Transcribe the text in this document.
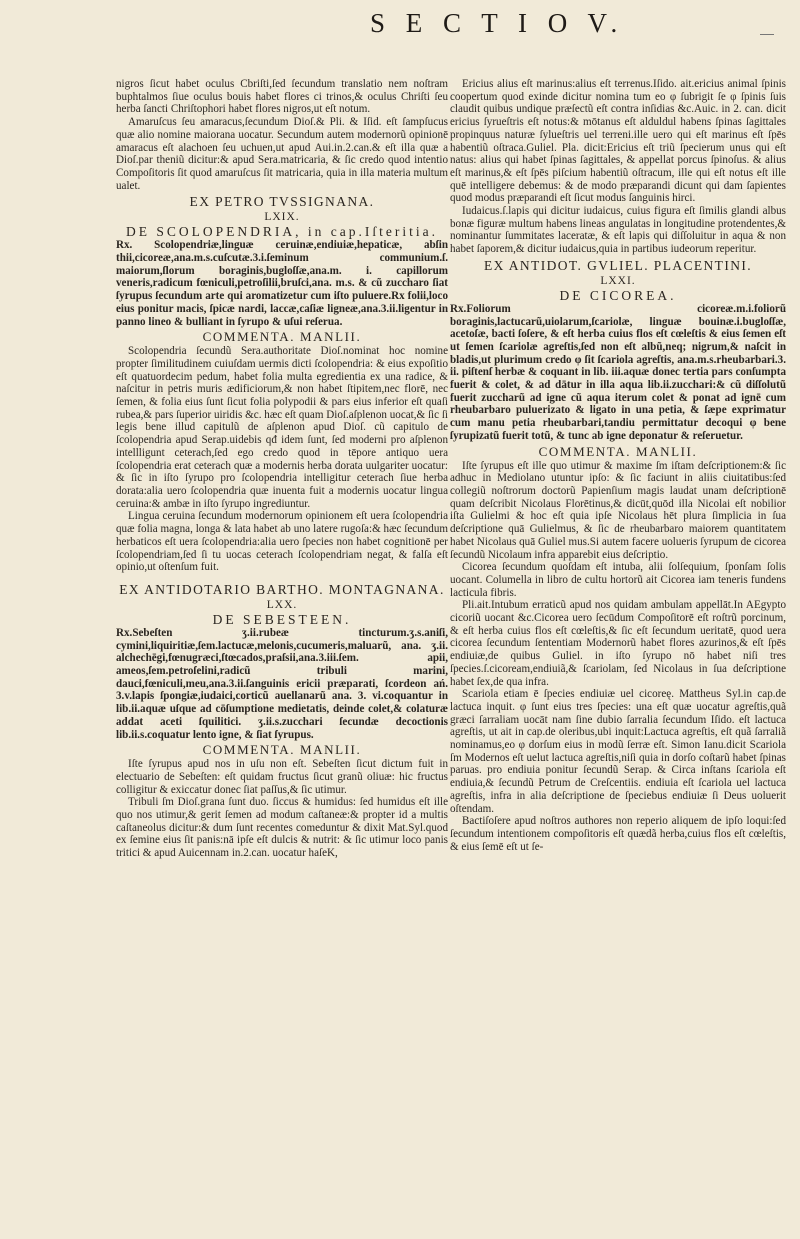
S E C T I O V.

nigros ſicut habet oculus Cbriſti,ſed ſecundum translatio nem noſtram buphtalmos ſiue oculus bouis habet flores ci trinos,& oculus Chriſti ſeu herba ſancti Chriſtophori habet flores nigros,ut eſt notum.

Amaruſcus ſeu amaracus,ſecundum Dioſ.& Pli. & Iſid. eſt ſampſucus quæ alio nomine maiorana uocatur. Secundum autem modernorũ opinionē amaracus eſt alachoen ſeu uchuen,ut apud Aui.in.2.can.& eſt illa quæ a Dioſ.par theniũ dicitur:& apud Sera.matricaria, & ſic credo quod intentio Compoſitoris ſit quod amaruſcus ſit matricaria, quia in illa materia multum ualet.

EX PETRO TVSSIGNANA.
LXIX.
DE SCOLOPENDRIA, in cap.Iſteritia.

Rx. Scolopendriæ,linguæ ceruinæ,endiuiæ,hepaticæ, abſin thii,cicoreæ,ana.m.s.cuſcutæ.3.i.ſeminum communium.ſ. maiorum,ſlorum boraginis,bugloſſæ,ana.m. i. capillorum veneris,radicum fœniculi,petroſilii,bruſci,ana. m.s. & cũ zuccharo ſiat ſyrupus ſecundum arte qui aromatizetur cum iſto puluere.Rx folii,loco eius ponitur macis, ſpicæ nardi, laccæ,caſiæ ligneæ,ana.3.ii.ligentur in panno lineo & bulliant in ſyrupo & uſui reſerua.

COMMENTA. MANLII.

Scolopendria ſecundũ Sera.authoritate Dioſ.nominat hoc nomine propter ſimilitudinem cuiuſdam uermis dicti ſcolopendria: & eius expoſitio eſt quatuordecim pedum, habet folia multa egredientia ex una radice, & naſcitur in petris muris ædificiorum,& non habet ſtipitem,nec florē, nec ſemen, & folia eius ſunt ſicut folia polypodii & pars eius inferior eſt quaſi rubea,& pars ſuperior uiridis &c. hæc eſt quam Dioſ.aſplenon uocat,& ſic ſi legis bene illud capitulũ de aſplenon apud Dioſ. cũ capitulo de ſcolopendria apud Serap.uidebis qđ idem ſunt, ſed moderni pro aſplenon intellligunt ceterach,ſed ego credo quod in tēpore antiquo uera ſcolopendria erat ceterach quæ a modernis herba dorata uulgariter uocatur: & ſic in iſto ſyrupo pro ſcolopendria intelligitur ceterach ſiue herba dorata:alia uero ſcolopendria quæ inuenta fuit a modernis uocatur lingua ceruina:& ambæ in iſto ſyrupo ingrediuntur.

Lingua ceruina ſecundum modernorum opinionem eſt uera ſcolopendria quæ folia magna, longa & lata habet ab uno latere rugoſa:& hæc ſecundum herbaticos eſt uera ſcolopendria:alia uero ſpecies non habet cognitionē per ſcolopendriam,ſed ſi tu uocas ceterach ſcolopendriam negat, & falſa eſt opinio,ut oſtenſum fuit.

EX ANTIDOTARIO BARTHO. MONTAGNANA.
LXX.
DE SEBESTEEN.

Rx.Sebeſten ʒ.ii.rubeæ tincturum.ʒ.s.aniſi, cymini,liquiritiæ,ſem.lactucæ,melonis,cucumeris,maluarũ, ana. ʒ.ii. alchechēgi,fœnugræci,ſtœcados,praſsii,ana.3.iii.ſem. apii, ameos,ſem.petroſelini,radicũ tribuli marini, dauci,fœniculi,meu,ana.3.ii.ſanguinis ericii præparati, ſcordeon ań. 3.v.lapis ſpongiæ,iudaici,corticũ auellanarũ ana. 3. vi.coquantur in lib.ii.aquæ uſque ad cōſumptione medietatis, deinde colet,& colaturæ addat aceti ſquilitici. ʒ.ii.s.zucchari ſecundæ decoctionis lib.ii.s.coquatur lento igne, & ſiat ſyrupus.

COMMENTA. MANLII.

Iſte ſyrupus apud nos in uſu non eſt. Sebeſten ſicut dictum fuit in electuario de Sebeſten: eſt quidam fructus ſicut granũ oliuæ: hic fructus colligitur & exiccatur donec ſiat paſſus,& ſic utimur.

Tribuli ſm Dioſ.grana ſunt duo. ſiccus & humidus: ſed humidus eſt ille quo nos utimur,& gerit ſemen ad modum caſtaneæ:& propter id a multis caſtaneolus dicitur:& dum ſunt recentes comeduntur & dixit Mat.Syl.quod ex ſemine eius ſit panis:nā ipſe eſt dulcis & nutrit: & ſic utimur loco panis tritici & apud Auicennam in.2.can. uocatur haſeK,

Ericius alius eſt marinus:alius eſt terrenus.Iſido. ait.ericius animal ſpinis coopertum quod exinde dicitur nomina tum eo φ ſubrigit ſe φ ſpinis ſuis claudit quibus undique præſectũ eſt contra inſidias &c.Auic. in 2. can. dicit ericius ſyrueſtris eſt notus:& mōtanus eſt alduldul habens ſpinas ſagittales propinquus naturæ ſylueſtris uel terreni.ille uero qui eſt marinus eſt ſpēs habentiũ oſtraca.Guliel. Pla. dicit:Ericius eſt triũ ſpecierum unus qui eſt natus: alius qui habet ſpinas ſagittales, & appellat porcus ſpinoſus. & alius eſt marinus,& eſt ſpēs piſcium habentiũ oſtracum, ille qui eſt notus eſt ille quē intelligere debemus: & de modo præparandi dicunt qui dam ſapientes quod modus præparandi eſt ſicut modus ſanguinis hirci.

Iudaicus.ſ.lapis qui dicitur iudaicus, cuius figura eſt ſimilis glandi albus bonæ figuræ multum habens lineas angulatas in longitudine protendentes,& nominantur ſummitates laceratæ, & eſt lapis qui diſſoluitur in aqua & non habet ſaporem,& dicitur iudaicus,quia in partibus iudeorum reperitur.

EX ANTIDOT. GVLIEL. PLACENTINI.
LXXI.
DE CICOREA.

Rx.Foliorum cicoreæ.m.i.foliorũ boraginis,lactucarũ,uiolarum,ſcariolæ, linguæ bouinæ.i.bugloſſæ, acetoſæ, bacti ſoſere, & eſt herba cuius flos eſt cœleſtis & eius ſemen eſt ut ſemen ſcariolæ agreſtis,ſed non eſt albũ,neq; nigrum,& naſcit in bladis,ut plurimum credo φ ſit ſcariola agreſtis, ana.m.s.rheubarbari.3. ii. piſtenſ herbæ & coquant in lib. iii.aquæ donec tertia pars conſumpta fuerit & colet, & ad dātur in illa aqua lib.ii.zucchari:& cũ diſſolutũ fuerit zuccharũ ad igne cũ aqua iterum colet & ponat ad ignē cum rheubarbaro puluerizato & ligato in una petia, & ſæpe exprimatur cum manu petia rheubarbari,tandiu permittatur decoqui φ bene ſyrupizatũ fuerit totũ, & tunc ab igne deponatur & reſeruetur.

COMMENTA. MANLII.

Iſte ſyrupus eſt ille quo utimur & maxime ſm iſtam deſcriptionem:& ſic adhuc in Mediolano utuntur ipſo: & ſic faciunt in aliis ciuitatibus:ſed collegiũ noſtrorum doctorũ Papienſium magis laudat unam deſcriptionē quam deſcribit Nicolaus Florētinus,& dicūt,quōd illa Nicolai eſt nobilior iſta Gulielmi & hoc eſt quia ipſe Nicolaus hēt plura ſimplicia in ſua deſcriptione quā Gulielmus, & ſic de rheubarbaro maiorem quantitatem habet Nicolaus quā Guliel mus.Si autem facere uolueris ſyrupum de cicorea ſecundũ Nicolaum infra apparebit eius deſcriptio.

Cicorea ſecundum quoſdam eſt intuba, alii ſolſequium, ſponſam ſolis uocant. Columella in libro de cultu hortorũ ait Cicorea iam teneris fundens lacticula fibris.

Pli.ait.Intubum erraticũ apud nos quidam ambulam appellāt.In AEgypto cicoriũ uocant &c.Cicorea uero ſecūdum Compoſitorē eſt roſtrũ porcinum, & eſt herba cuius flos eſt cœleſtis,& ſic eſt ſecundum ueritatē, quod uera cicorea ſecundum ſententiam Modernorũ habet flores azurinos,& eſt ſpēs endiuiæ,de quibus Guliel. in iſto ſyrupo nō habet niſi tres ſpecies.ſ.cicoream,endiuiã,& ſcariolam, ſed Nicolaus in ſua deſcriptione habet ſex,de qua infra.

Scariola etiam ē ſpecies endiuiæ uel cicoreę. Mattheus Syl.in cap.de lactuca inquit. φ ſunt eius tres ſpecies: una eſt quæ uocatur agreſtis,quã græci ſarraliam uocāt nam ſine dubio ſarralia ſecundum Iſido. eſt lactuca agreſtis, ut ait in cap.de oleribus,ubi inquit:Lactuca agreſtis, eſt quã ſarraliã nominamus,eo φ dorſum eius in modũ ſerræ eſt. Simon Ianu.dicit Scariola ſm Modernos eſt uelut lactuca agreſtis,niſi quia in dorſo coſtarũ habet ſpinas paruas. pro endiuia ponitur ſecundũ Serap. & Circa inſtans ſcariola eſt endiuia,& ſecundũ Petrum de Creſcentiis. endiuia eſt ſcariola uel lactuca agreſtis, infra in alia deſcriptione de ſpeciebus endiuiæ ſi Deus uoluerit oſtendam.

Bactiſoſere apud noſtros authores non reperio aliquem de ipſo loqui:ſed ſecundum intentionem compoſitoris eſt quædã herba,cuius flos eſt cœleſtis, & eius ſemē eſt ut ſe-
